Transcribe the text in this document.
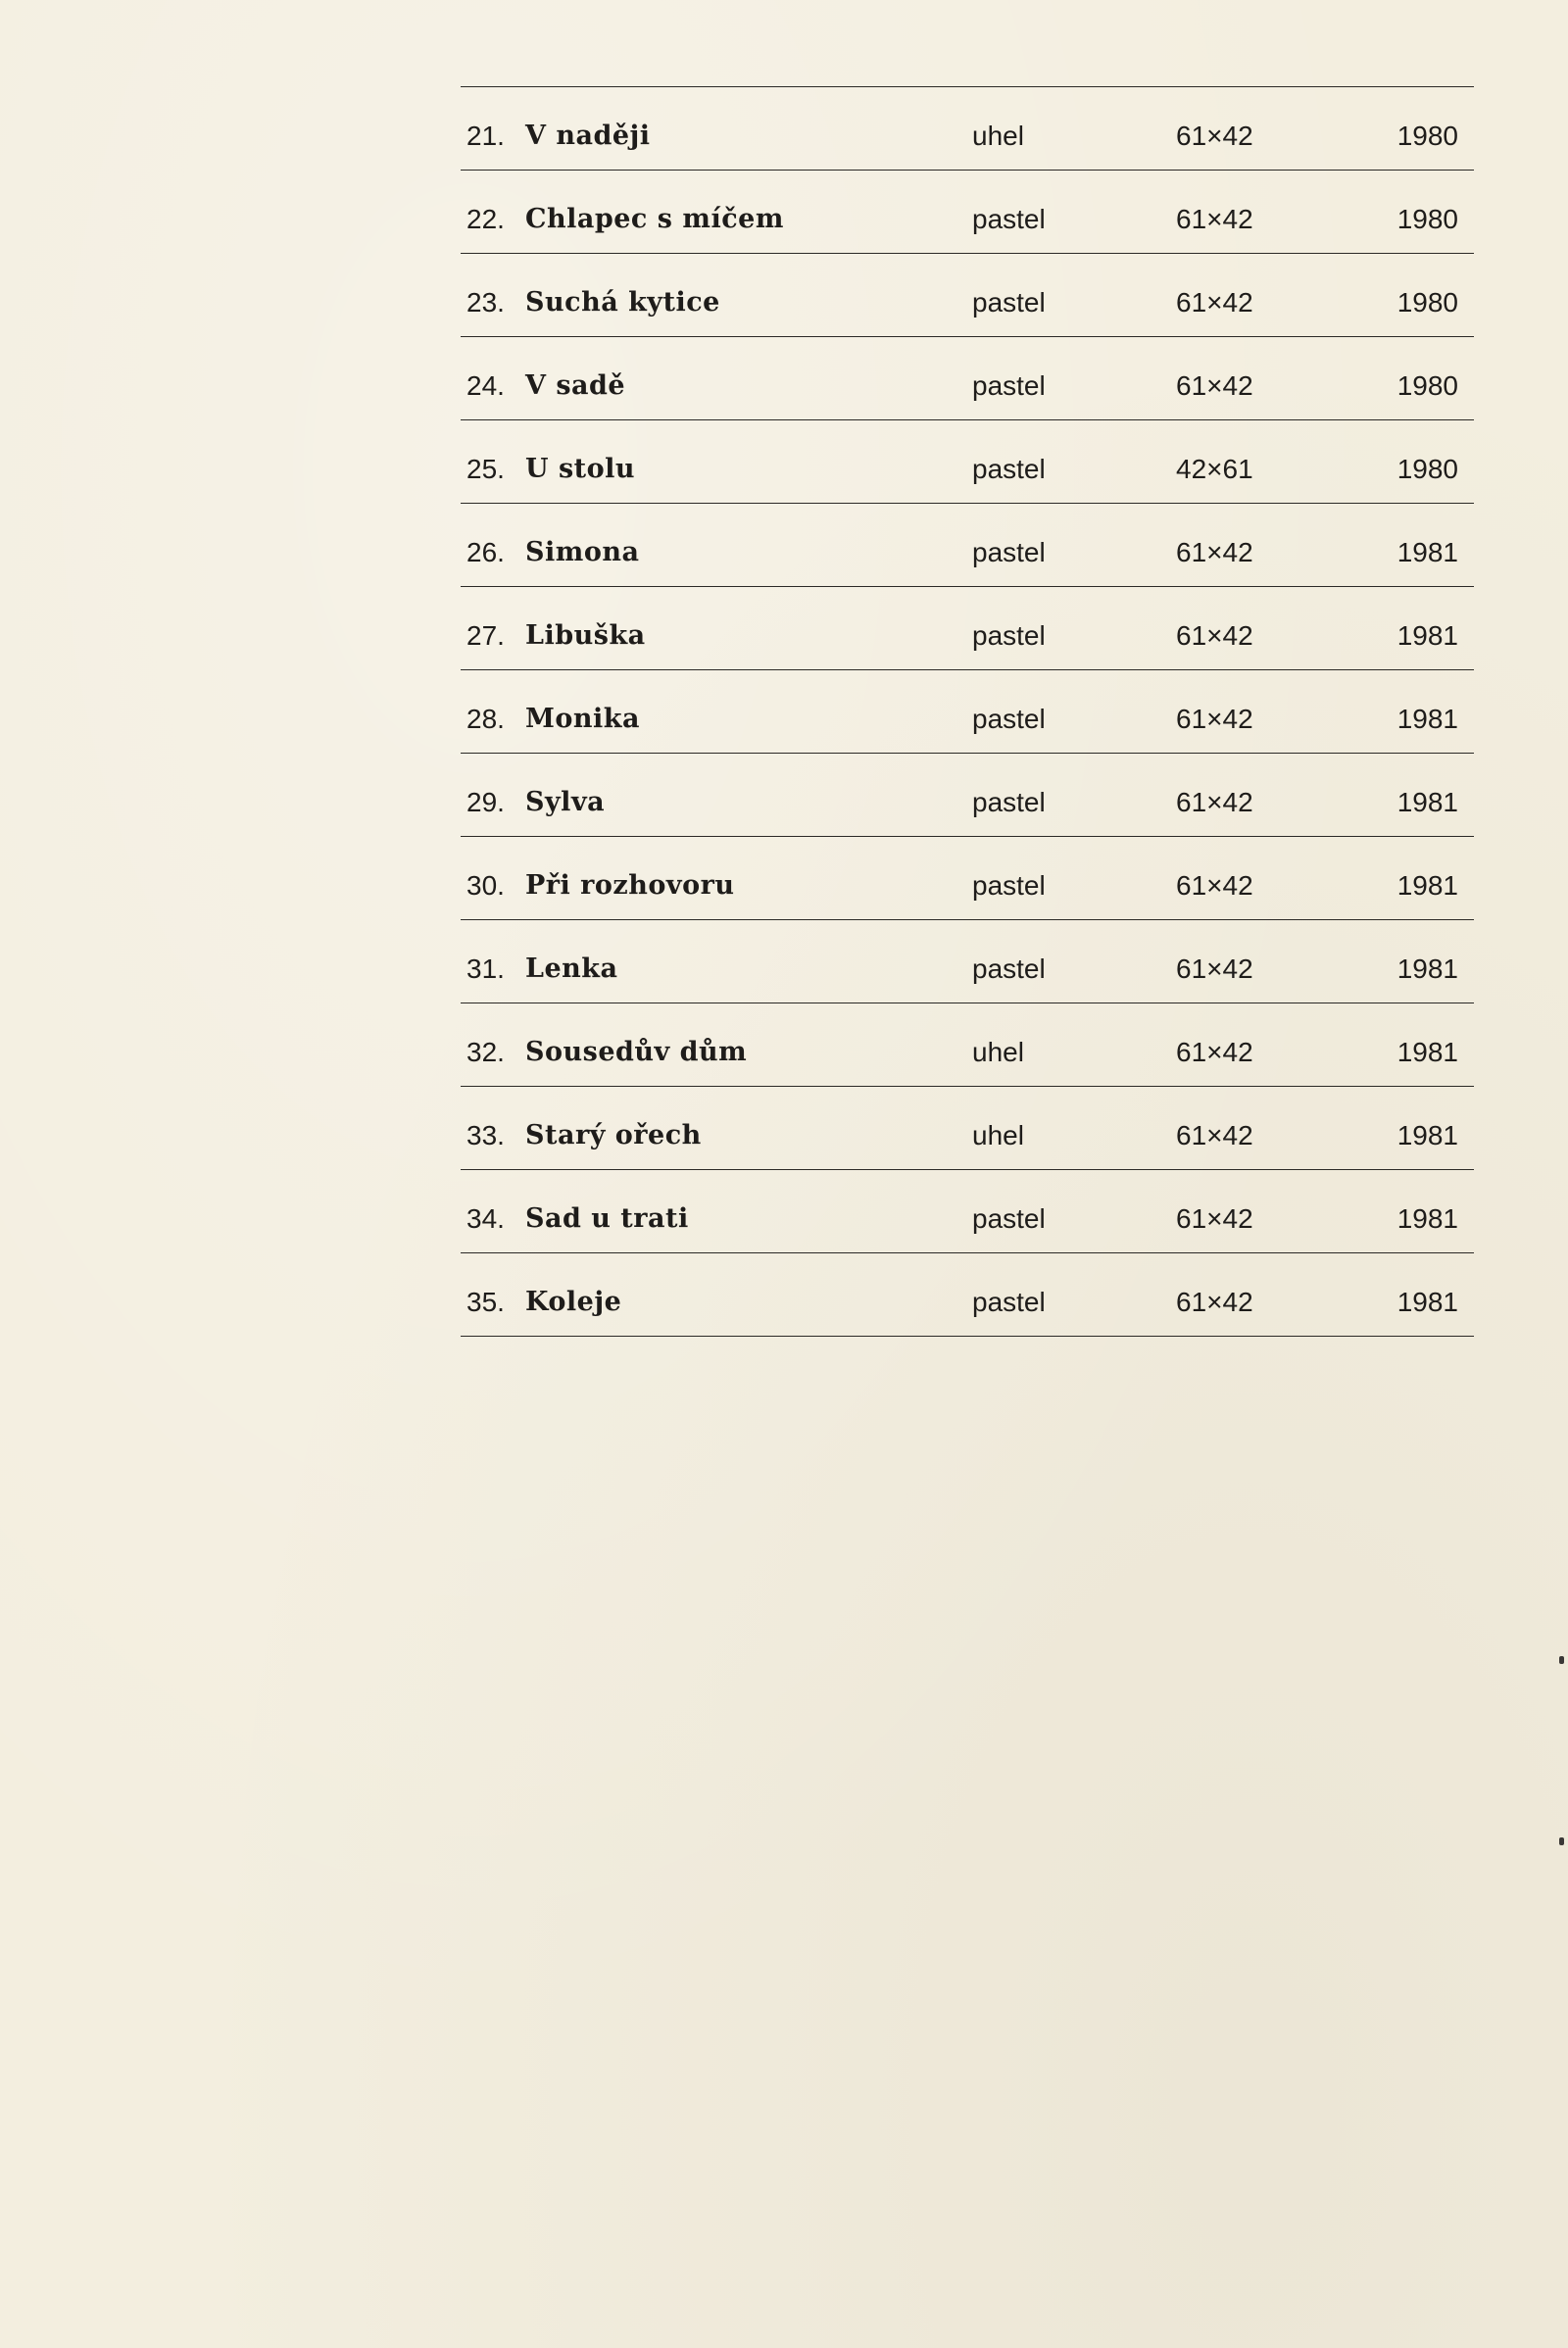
21. V naději	uhel	61×42	1980
22. Chlapec s míčem	pastel	61×42	1980
23. Suchá kytice	pastel	61×42	1980
24. V sadě	pastel	61×42	1980
25. U stolu	pastel	42×61	1980
26. Simona	pastel	61×42	1981
27. Libuška	pastel	61×42	1981
28. Monika	pastel	61×42	1981
29. Sylva	pastel	61×42	1981
30. Při rozhovoru	pastel	61×42	1981
31. Lenka	pastel	61×42	1981
32. Sousedův dům	uhel	61×42	1981
33. Starý ořech	uhel	61×42	1981
34. Sad u trati	pastel	61×42	1981
35. Koleje	pastel	61×42	1981
